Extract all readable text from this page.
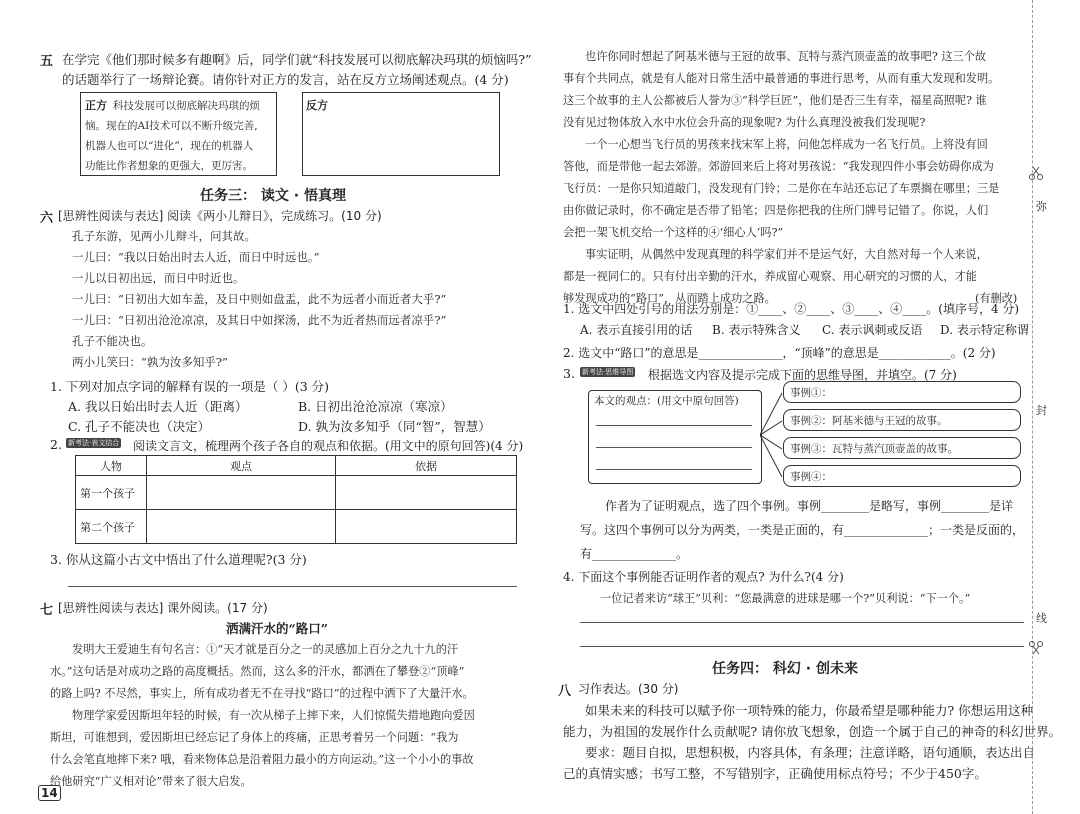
五 在学完《他们那时候多有趣啊》后，同学们就“科技发展可以彻底解决玛琪的烦恼吗?”
的话题举行了一场辩论赛。请你针对正方的发言，站在反方立场阐述观点。(4 分)
正方 科技发展可以彻底解决玛琪的烦
恼。现在的AI技术可以不断升级完善,
机器人也可以“进化”，现在的机器人
功能比作者想象的更强大，更厉害。
反方
任务三： 读文 · 悟真理
六 [思辨性阅读与表达] 阅读《两小儿辩日》，完成练习。(10 分)
孔子东游，见两小儿辩斗，问其故。
一儿曰：“我以日始出时去人近，而日中时远也。”
一儿以日初出远，而日中时近也。
一儿曰：“日初出大如车盖，及日中则如盘盂，此不为远者小而近者大乎?”
一儿曰：“日初出沧沧凉凉，及其日中如探汤，此不为近者热而远者凉乎?”
孔子不能决也。
两小儿笑曰：“孰为汝多知乎?”
1. 下列对加点字词的解释有误的一项是（ ）(3 分)
A. 我以日始出时去人近（距离）	B. 日初出沧沧凉凉（寒凉）
C. 孔子不能决也（决定）	D. 孰为汝多知乎（同“智”，智慧）
2. 新考法·表文结合 阅读文言文，梳理两个孩子各自的观点和依据。(用文中的原句回答)(4 分)
人物	观点	依据
第一个孩子		
第二个孩子		
3. 你从这篇小古文中悟出了什么道理呢?(3 分)
七 [思辨性阅读与表达] 课外阅读。(17 分)
洒满汗水的“路口”
发明大王爱迪生有句名言：①“天才就是百分之一的灵感加上百分之九十九的汗
水。”这句话是对成功之路的高度概括。然而，这么多的汗水，都洒在了攀登②“顶峰”
的路上吗? 不尽然，事实上，所有成功者无不在寻找“路口”的过程中洒下了大量汗水。
物理学家爱因斯坦年轻的时候，有一次从梯子上摔下来，人们惊慌失措地跑向爱因
斯坦，可谁想到，爱因斯坦已经忘记了身体上的疼痛，正思考着另一个问题：“我为
什么会笔直地摔下来? 哦，看来物体总是沿着阻力最小的方向运动。”这一个小小的事故
给他研究“广义相对论”带来了很大启发。
14
也许你同时想起了阿基米德与王冠的故事、瓦特与蒸汽顶壶盖的故事吧? 这三个故
事有个共同点，就是有人能对日常生活中最普通的事进行思考，从而有重大发现和发明。
这三个故事的主人公都被后人誉为③“科学巨匠”，他们是否三生有幸，福星高照呢? 谁
没有见过物体放入水中水位会升高的现象呢? 为什么真理没被我们发现呢?
一个一心想当飞行员的男孩来找宋军上将，问他怎样成为一名飞行员。上将没有回
答他，而是带他一起去郊游。郊游回来后上将对男孩说：“我发现四件小事会妨碍你成为
飞行员：一是你只知道敲门，没发现有门铃；二是你在车站还忘记了车票搁在哪里；三是
由你做记录时，你不确定是否带了铅笔；四是你把我的住所门牌号记错了。你说，人们
会把一架飞机交给一个这样的④‘细心人’吗?”
事实证明，从偶然中发现真理的科学家们并不是运气好，大自然对每一个人来说，
都是一视同仁的。只有付出辛勤的汗水，养成留心观察、用心研究的习惯的人，才能
够发现成功的“路口”，从而踏上成功之路。	(有删改)
1. 选文中四处引号的用法分别是：①____、②____、③____、④____。(填序号，4 分)
A. 表示直接引用的话 B. 表示特殊含义 C. 表示讽刺或反语 D. 表示特定称谓
2. 选文中“路口”的意思是______________，“顶峰”的意思是____________。(2 分)
3. 新考法·思维导图 根据选文内容及提示完成下面的思维导图，并填空。(7 分)
本文的观点：(用文中原句回答)
事例①：
事例②：阿基米德与王冠的故事。
事例③：瓦特与蒸汽顶壶盖的故事。
事例④：
作者为了证明观点，选了四个事例。事例________是略写，事例________是详
写。这四个事例可以分为两类，一类是正面的，有______________；一类是反面的，
有______________。
4. 下面这个事例能否证明作者的观点? 为什么?(4 分)
一位记者来访“球王”贝利：“您最满意的进球是哪一个?”贝利说：“下一个。”
任务四： 科幻 · 创未来
八 习作表达。(30 分)
如果未来的科技可以赋予你一项特殊的能力，你最希望是哪种能力? 你想运用这种
能力，为祖国的发展作什么贡献呢? 请你放飞想象，创造一个属于自己的神奇的科幻世界。
要求：题目自拟，思想积极，内容具体，有条理；注意详略，语句通顺，表达出自
己的真情实感；书写工整，不写错别字，正确使用标点符号；不少于450字。
弥
封
线
